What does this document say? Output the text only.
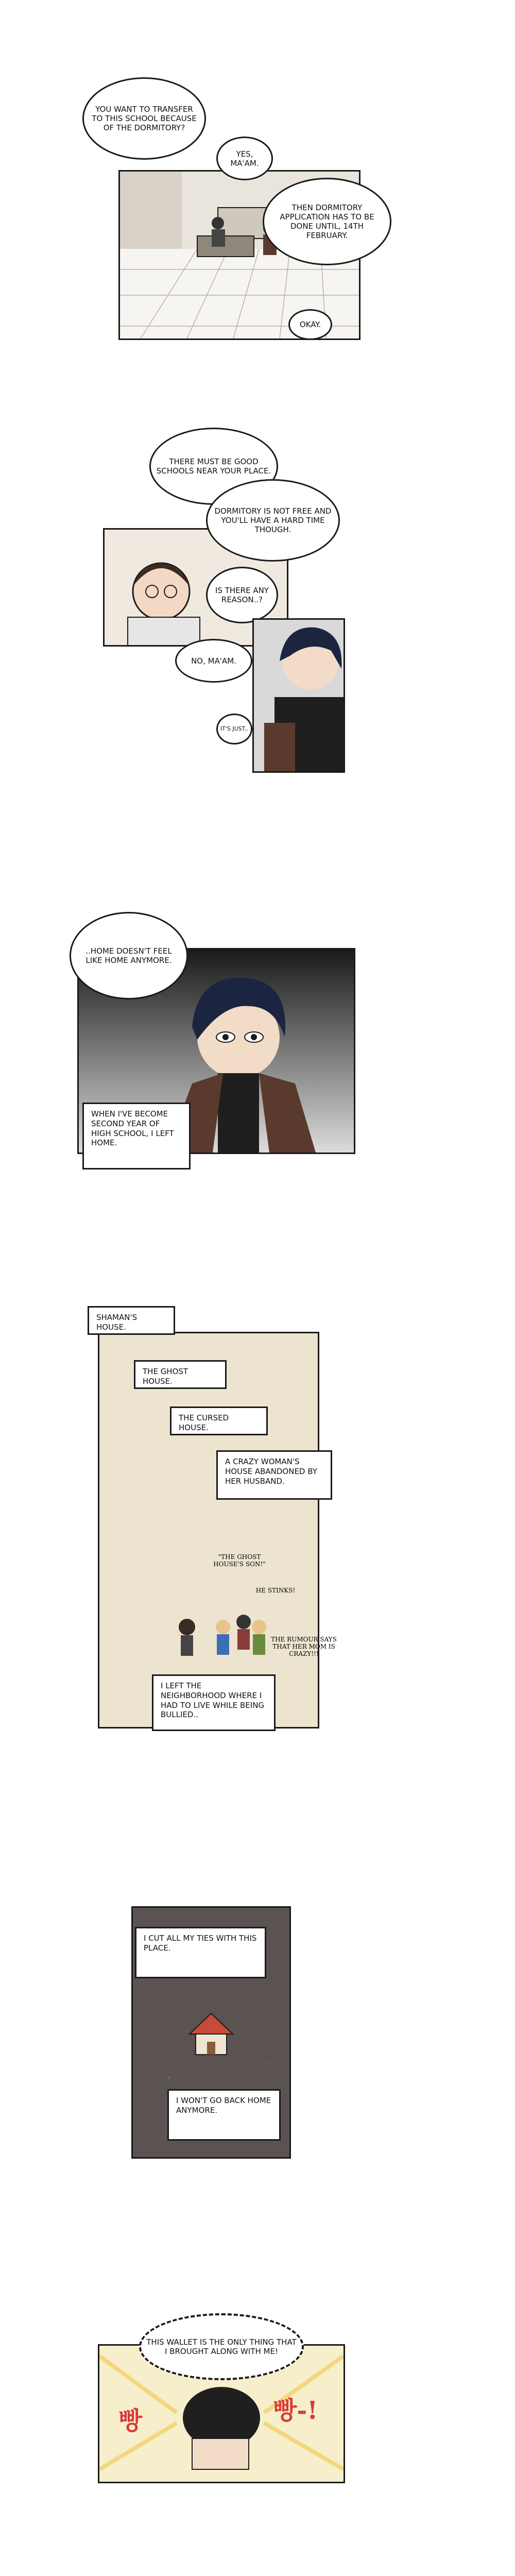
YOU WANT TO TRANSFER TO THIS SCHOOL BECAUSE OF THE DORMITORY?
YES, MA'AM.
THEN DORMITORY APPLICATION HAS TO BE DONE UNTIL, 14TH FEBRUARY.
OKAY.
THERE MUST BE GOOD SCHOOLS NEAR YOUR PLACE.
DORMITORY IS NOT FREE AND YOU'LL HAVE A HARD TIME THOUGH.
IS THERE ANY REASON..?
NO, MA'AM.
IT'S JUST..
..HOME DOESN'T FEEL LIKE HOME ANYMORE.
WHEN I'VE BECOME SECOND YEAR OF HIGH SCHOOL, I LEFT HOME.
SHAMAN'S HOUSE.
THE GHOST HOUSE.
THE CURSED HOUSE.
A CRAZY WOMAN'S HOUSE ABANDONED BY HER HUSBAND.
"THE GHOST HOUSE'S SON!"
HE STINKS!
THE RUMOUR SAYS THAT HER MOM IS CRAZY!!!
I LEFT THE NEIGHBORHOOD WHERE I HAD TO LIVE WHILE BEING BULLIED..
I CUT ALL MY TIES WITH THIS PLACE.
I WON'T GO BACK HOME ANYMORE.
THIS WALLET IS THE ONLY THING THAT I BROUGHT ALONG WITH ME!
빵	빵-!
